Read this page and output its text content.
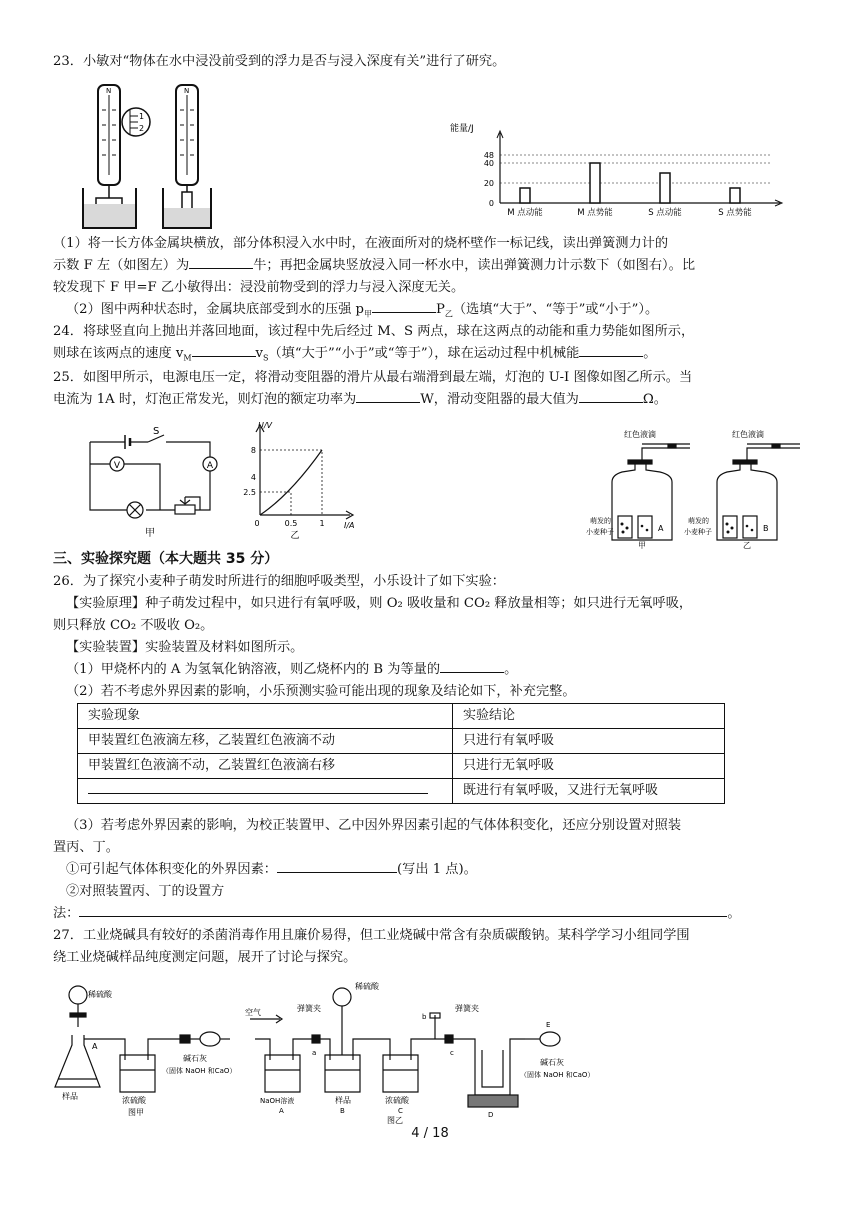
23．小敏对“物体在水中浸没前受到的浮力是否与浸入深度有关”进行了研究。
N
1
2
N
能量/J
48
40
20
0
M 点动能	M 点势能	S 点动能	S 点势能
（1）将一长方体金属块横放，部分体积浸入水中时，在液面所对的烧杯壁作一标记线，读出弹簧测力计的
示数 F 左（如图左）为	牛；再把金属块竖放浸入同一杯水中，读出弹簧测力计示数下（如图右）。比
较发现下 F 甲=F 乙小敏得出：浸没前物受到的浮力与浸入深度无关。
（2）图中两种状态时，金属块底部受到水的压强 $p_甲$	$P_乙$（选填“大于”、“等于”或“小于”）。
24．将球竖直向上抛出并落回地面，该过程中先后经过 M、S 两点，球在这两点的动能和重力势能如图所示，
则球在该两点的速度 $v_M$	$v_S$（填“大于”“小于”或“等于”），球在运动过程中机械能	。
25．如图甲所示，电源电压一定，将滑动变阻器的滑片从最右端滑到最左端，灯泡的 U-I 图像如图乙所示。当
电流为 1A 时，灯泡正常发光，则灯泡的额定功率为	W，滑动变阻器的最大值为	Ω。
S
A
V
甲
U/V
I/A
8
4
2.5
0	0.5	1
乙
红色液滴
A
萌发的
小麦种子
甲
红色液滴
B
萌发的
小麦种子
乙
三、实验探究题（本大题共 35 分）
26．为了探究小麦种子萌发时所进行的细胞呼吸类型，小乐设计了如下实验：
【实验原理】种子萌发过程中，如只进行有氧呼吸，则 O₂ 吸收量和 CO₂ 释放量相等；如只进行无氧呼吸，
则只释放 CO₂ 不吸收 O₂。
【实验装置】实验装置及材料如图所示。
（1）甲烧杯内的 A 为氢氧化钠溶液，则乙烧杯内的 B 为等量的	。
（2）若不考虑外界因素的影响，小乐预测实验可能出现的现象及结论如下，补充完整。
实验现象	实验结论
甲装置红色液滴左移，乙装置红色液滴不动	只进行有氧呼吸
甲装置红色液滴不动，乙装置红色液滴右移	只进行无氧呼吸
	既进行有氧呼吸，又进行无氧呼吸
（3）若考虑外界因素的影响，为校正装置甲、乙中因外界因素引起的气体体积变化，还应分别设置对照装
置丙、丁。
①可引起气体体积变化的外界因素：	(写出 1 点)。
②对照装置丙、丁的设置方
法：	。
27．工业烧碱具有较好的杀菌消毒作用且廉价易得，但工业烧碱中常含有杂质碳酸钠。某科学学习小组同学围
绕工业烧碱样品纯度测定问题，展开了讨论与探究。
稀硫酸
A
样品	浓硫酸
图甲
碱石灰
（固体 NaOH 和CaO）
空气	弹簧夹
a
稀硫酸
NaOH溶液
A
样品
B
浓硫酸
C
图乙
b
弹簧夹
c
D
E
碱石灰
（固体 NaOH 和CaO）
4 / 18
